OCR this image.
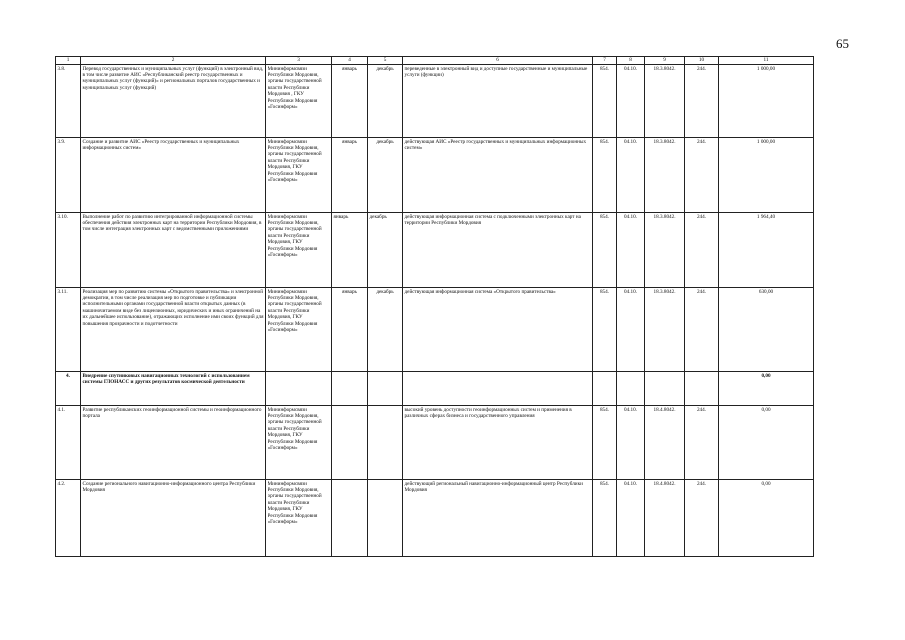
65
1	2	3	4	5	6	7	8	9	10	11
3.8.	Перевод государственных и муниципальных услуг (функций) в электронный вид, в том числе развитие АИС «Республиканский реестр государственных и муниципальных услуг (функций)» и региональных порталов государственных и муниципальных услуг (функций)	Мининформсвязи Республики Мордовия, органы государственной власти Республики Мордовия , ГКУ Республики Мордовия «Госинформ»	январь	декабрь	переведенные в электронный вид и доступные государственные и муниципальные услуги (функции)	854.	04.10.	18.3.8042.	244.	1 000,00
3.9.	Создание и развитие АИС «Реестр государственных и муниципальных информационных систем»	Мининформсвязи Республики Мордовия, органы государственной власти Республики Мордовия, ГКУ Республики Мордовия «Госинформ»	январь	декабрь	действующая АИС «Реестр государственных и муниципальных информационных систем»	854.	04.10.	18.3.8042.	244.	1 000,00
3.10.	Выполнение работ по развитию интегрированной информационной системы обеспечения действия электронных карт на территории Республики Мордовия, в том числе интеграция электронных карт с ведомственными приложениями	Мининформсвязи Республики Мордовия, органы государственной власти Республики Мордовия, ГКУ Республики Мордовия «Госинформ»	январь	декабрь	действующая информационная система с подключенными электронных карт на территории Республики Мордовия	854.	04.10.	18.3.8042.	244.	1 964,40
3.11.	Реализация мер по развитию системы «Открытого правительства» и электронной демократии, в том числе реализация мер по подготовке и публикации исполнительными органами государственной власти открытых данных (в машиночитаемом виде без лицензионных, юридических и иных ограничений на их дальнейшее использование), отражающих исполнение ими своих функций для повышения прозрачности и подотчетности	Мининформсвязи Республики Мордовия, органы государственной власти Республики Мордовия, ГКУ Республики Мордовия «Госинформ»	январь	декабрь	действующая информационная система «Открытого правительства»	854.	04.10.	18.3.8042.	244.	630,00
4.	Внедрение спутниковых навигационных технологий с использованием системы ГЛОНАСС и других результатов космической деятельности									0,00
4.1.	Развитие республиканских геоинформационной системы и геоинформационного портала	Мининформсвязи Республики Мордовия, органы государственной власти Республики Мордовия, ГКУ Республики Мордовия «Госинформ»			высокий уровень доступности геоинформационных систем и применения в различных сферах бизнеса и государственного управления	854.	04.10.	18.4.8042.	244.	0,00
4.2.	Создание регионального навигационно-информационного центра Республики Мордовия	Мининформсвязи Республики Мордовия, органы государственной власти Республики Мордовия, ГКУ Республики Мордовия «Госинформ»			действующий региональный навигационно-информационный центр Республики Мордовия	854.	04.10.	18.4.8042.	244.	0,00
